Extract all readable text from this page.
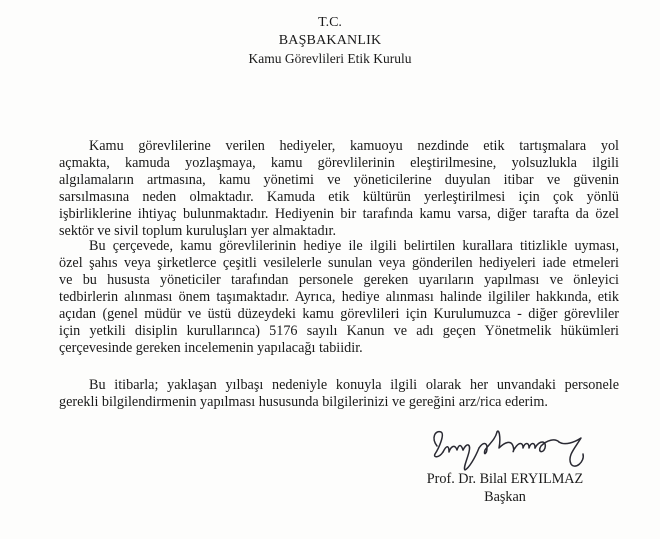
T.C.
BAŞBAKANLIK
Kamu Görevlileri Etik Kurulu

Kamu görevlilerine verilen hediyeler, kamuoyu nezdinde etik tartışmalara yol
açmakta, kamuda yozlaşmaya, kamu görevlilerinin eleştirilmesine, yolsuzlukla ilgili
algılamaların artmasına, kamu yönetimi ve yöneticilerine duyulan itibar ve güvenin
sarsılmasına neden olmaktadır. Kamuda etik kültürün yerleştirilmesi için çok yönlü
işbirliklerine ihtiyaç bulunmaktadır. Hediyenin bir tarafında kamu varsa, diğer tarafta da özel
sektör ve sivil toplum kuruluşları yer almaktadır.

Bu çerçevede, kamu görevlilerinin hediye ile ilgili belirtilen kurallara titizlikle uyması,
özel şahıs veya şirketlerce çeşitli vesilelerle sunulan veya gönderilen hediyeleri iade etmeleri
ve bu hususta yöneticiler tarafından personele gereken uyarıların yapılması ve önleyici
tedbirlerin alınması önem taşımaktadır. Ayrıca, hediye alınması halinde ilgililer hakkında, etik
açıdan (genel müdür ve üstü düzeydeki kamu görevlileri için Kurulumuzca - diğer görevliler
için yetkili disiplin kurullarınca) 5176 sayılı Kanun ve adı geçen Yönetmelik hükümleri
çerçevesinde gereken incelemenin yapılacağı tabiidir.

Bu itibarla; yaklaşan yılbaşı nedeniyle konuyla ilgili olarak her unvandaki personele
gerekli bilgilendirmenin yapılması hususunda bilgilerinizi ve gereğini arz/rica ederim.

Prof. Dr. Bilal ERYILMAZ
Başkan
